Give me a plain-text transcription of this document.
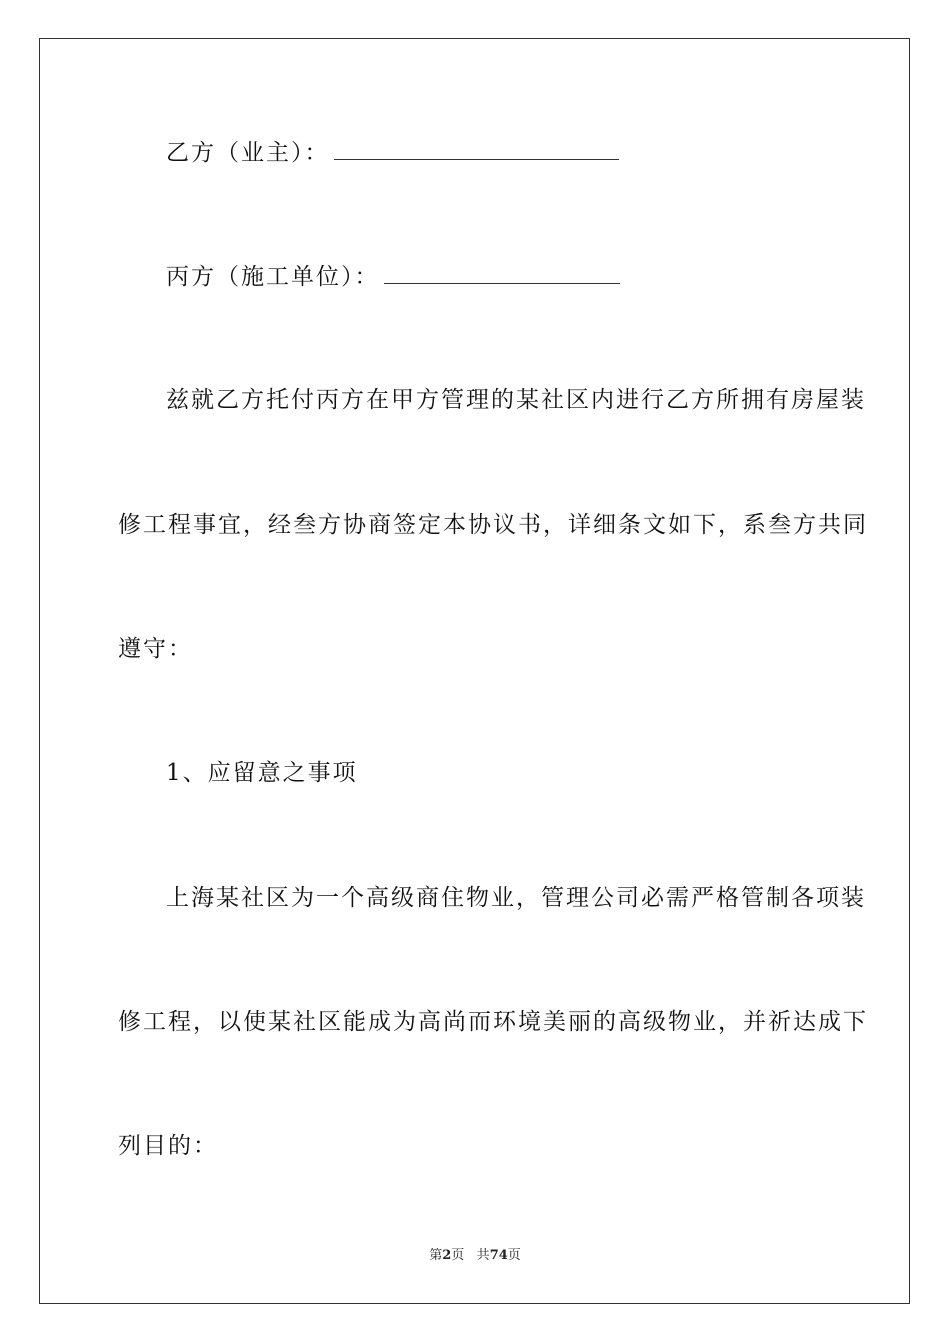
乙方（业主）：
丙方（施工单位）：
兹就乙方托付丙方在甲方管理的某社区内进行乙方所拥有房屋装
修工程事宜，经叁方协商签定本协议书，详细条文如下，系叁方共同
遵守：
1、应留意之事项
上海某社区为一个高级商住物业，管理公司必需严格管制各项装
修工程，以使某社区能成为高尚而环境美丽的高级物业，并祈达成下
列目的：
第2页 共74页
